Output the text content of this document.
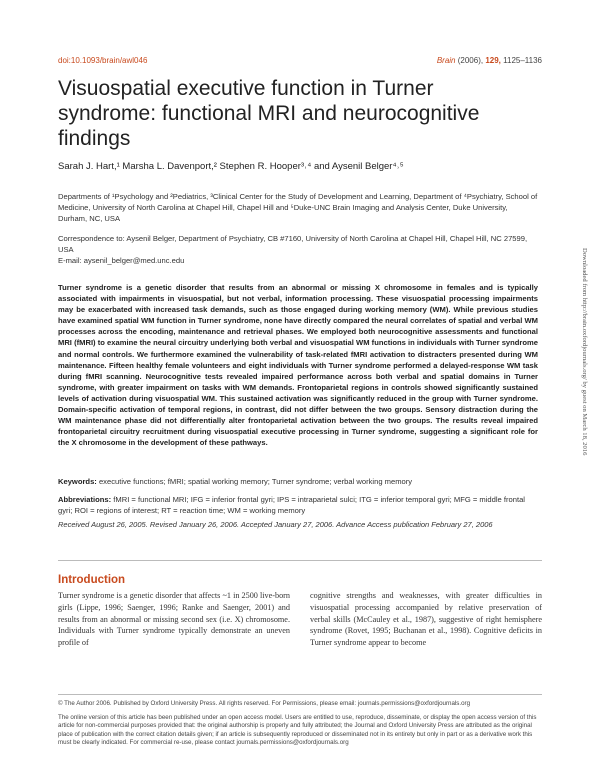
doi:10.1093/brain/awl046	Brain (2006), 129, 1125–1136
Visuospatial executive function in Turner syndrome: functional MRI and neurocognitive findings
Sarah J. Hart,¹ Marsha L. Davenport,² Stephen R. Hooper³˒⁴ and Aysenil Belger⁴˒⁵
Departments of ¹Psychology and ²Pediatrics, ³Clinical Center for the Study of Development and Learning, Department of ⁴Psychiatry, School of Medicine, University of North Carolina at Chapel Hill, Chapel Hill and ⁵Duke-UNC Brain Imaging and Analysis Center, Duke University, Durham, NC, USA
Correspondence to: Aysenil Belger, Department of Psychiatry, CB #7160, University of North Carolina at Chapel Hill, Chapel Hill, NC 27599, USA
E-mail: aysenil_belger@med.unc.edu
Turner syndrome is a genetic disorder that results from an abnormal or missing X chromosome in females and is typically associated with impairments in visuospatial, but not verbal, information processing. These visuospatial processing impairments may be exacerbated with increased task demands, such as those engaged during working memory (WM). While previous studies have examined spatial WM function in Turner syndrome, none have directly compared the neural correlates of spatial and verbal WM processes across the encoding, maintenance and retrieval phases. We employed both neurocognitive assessments and functional MRI (fMRI) to examine the neural circuitry underlying both verbal and visuospatial WM functions in individuals with Turner syndrome and normal controls. We furthermore examined the vulnerability of task-related fMRI activation to distracters presented during WM maintenance. Fifteen healthy female volunteers and eight individuals with Turner syndrome performed a delayed-response WM task during fMRI scanning. Neurocognitive tests revealed impaired performance across both verbal and spatial domains in Turner syndrome, with greater impairment on tasks with WM demands. Frontoparietal regions in controls showed significantly sustained levels of activation during visuospatial WM. This sustained activation was significantly reduced in the group with Turner syndrome. Domain-specific activation of temporal regions, in contrast, did not differ between the two groups. Sensory distraction during the WM maintenance phase did not differentially alter frontoparietal activation between the two groups. The results reveal impaired frontoparietal circuitry recruitment during visuospatial executive processing in Turner syndrome, suggesting a significant role for the X chromosome in the development of these pathways.
Keywords: executive functions; fMRI; spatial working memory; Turner syndrome; verbal working memory
Abbreviations: fMRI = functional MRI; IFG = inferior frontal gyri; IPS = intraparietal sulci; ITG = inferior temporal gyri; MFG = middle frontal gyri; ROI = regions of interest; RT = reaction time; WM = working memory
Received August 26, 2005. Revised January 26, 2006. Accepted January 27, 2006. Advance Access publication February 27, 2006
Introduction
Turner syndrome is a genetic disorder that affects ~1 in 2500 live-born girls (Lippe, 1996; Saenger, 1996; Ranke and Saenger, 2001) and results from an abnormal or missing second sex (i.e. X) chromosome. Individuals with Turner syndrome typically demonstrate an uneven profile of
cognitive strengths and weaknesses, with greater difficulties in visuospatial processing accompanied by relative preservation of verbal skills (McCauley et al., 1987), suggestive of right hemisphere syndrome (Rovet, 1995; Buchanan et al., 1998). Cognitive deficits in Turner syndrome appear to become
© The Author 2006. Published by Oxford University Press. All rights reserved. For Permissions, please email: journals.permissions@oxfordjournals.org
The online version of this article has been published under an open access model. Users are entitled to use, reproduce, disseminate, or display the open access version of this article for non-commercial purposes provided that: the original authorship is properly and fully attributed; the Journal and Oxford University Press are attributed as the original place of publication with the correct citation details given; if an article is subsequently reproduced or disseminated not in its entirety but only in part or as a derivative work this must be clearly indicated. For commercial re-use, please contact journals.permissions@oxfordjournals.org
Downloaded from http://brain.oxfordjournals.org/ by guest on March 18, 2016
